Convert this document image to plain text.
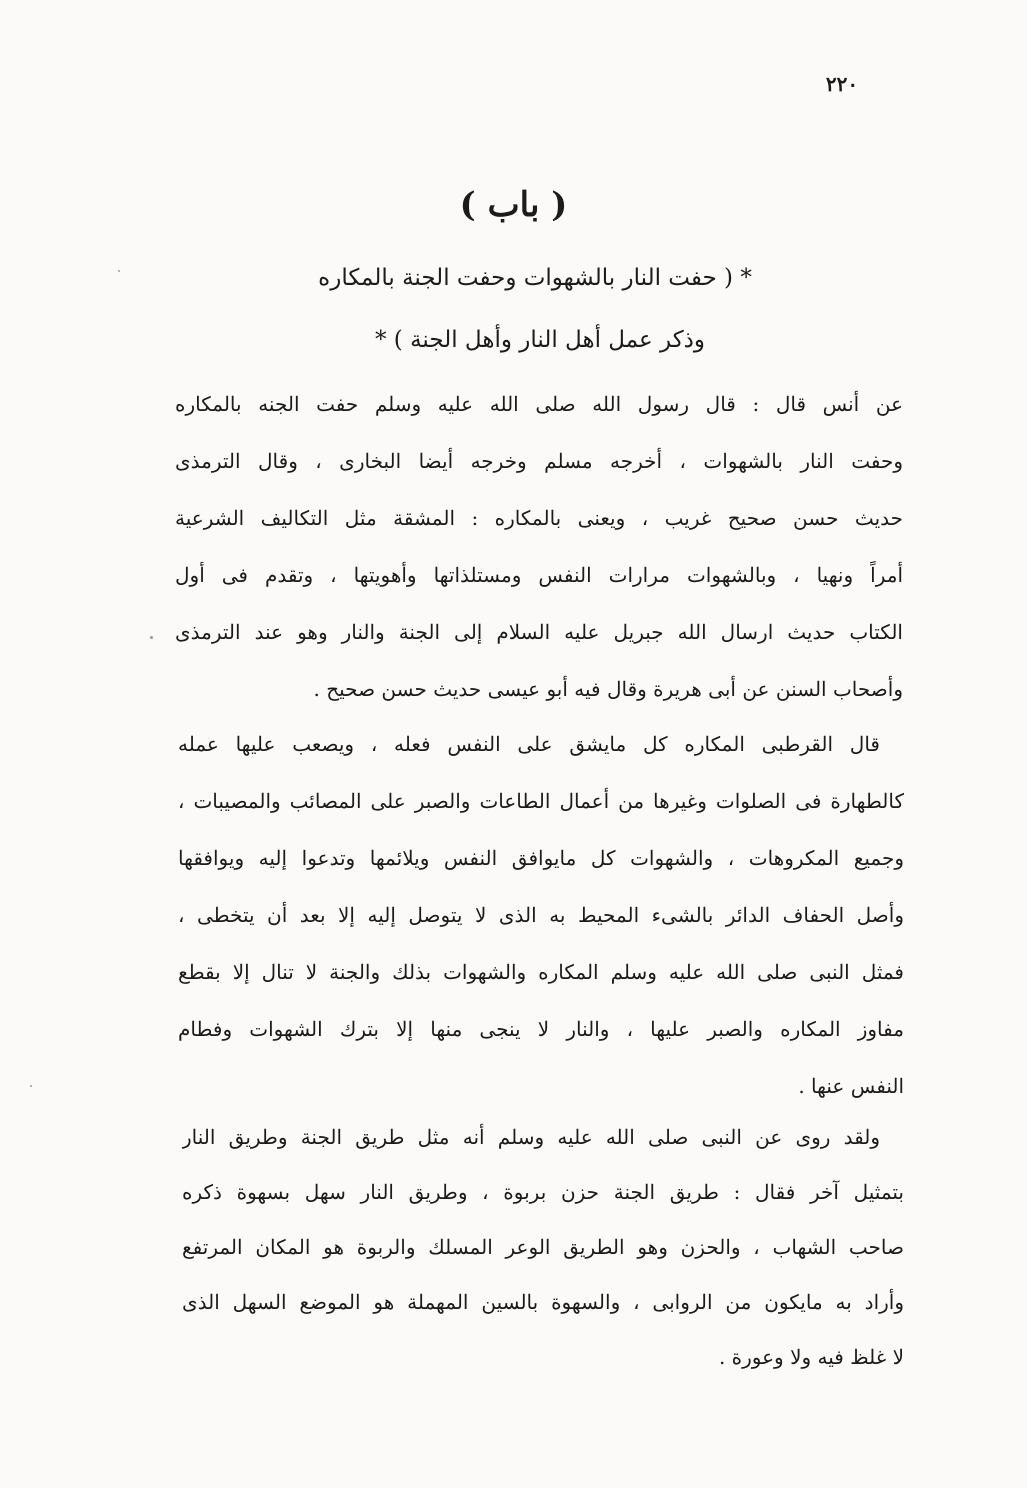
٢٢٠
( باب )
* ( حفت النار بالشهوات وحفت الجنة بالمكاره
وذكر عمل أهل النار وأهل الجنة ) *
عن أنس قال : قال رسول الله صلى الله عليه وسلم حفت الجنه بالمكاره
وحفت النار بالشهوات ، أخرجه مسلم وخرجه أيضا البخارى ، وقال الترمذى
حديث حسن صحيح غريب ، ويعنى بالمكاره : المشقة مثل التكاليف الشرعية
أمراً ونهيا ، وبالشهوات مرارات النفس ومستلذاتها وأهويتها ، وتقدم فى أول
الكتاب حديث ارسال الله جبريل عليه السلام إلى الجنة والنار وهو عند الترمذى
وأصحاب السنن عن أبى هريرة وقال فيه أبو عيسى حديث حسن صحيح .
قال القرطبى المكاره كل مايشق على النفس فعله ، ويصعب عليها عمله
كالطهارة فى الصلوات وغيرها من أعمال الطاعات والصبر على المصائب والمصيبات ،
وجميع المكروهات ، والشهوات كل مايوافق النفس ويلائمها وتدعوا إليه ويوافقها
وأصل الحفاف الدائر بالشىء المحيط به الذى لا يتوصل إليه إلا بعد أن يتخطى ،
فمثل النبى صلى الله عليه وسلم المكاره والشهوات بذلك والجنة لا تنال إلا بقطع
مفاوز المكاره والصبر عليها ، والنار لا ينجى منها إلا بترك الشهوات وفطام
النفس عنها .
ولقد روى عن النبى صلى الله عليه وسلم أنه مثل طريق الجنة وطريق النار
بتمثيل آخر فقال : طريق الجنة حزن بربوة ، وطريق النار سهل بسهوة ذكره
صاحب الشهاب ، والحزن وهو الطريق الوعر المسلك والربوة هو المكان المرتفع
وأراد به مايكون من الروابى ، والسهوة بالسين المهملة هو الموضع السهل الذى
لا غلظ فيه ولا وعورة .
